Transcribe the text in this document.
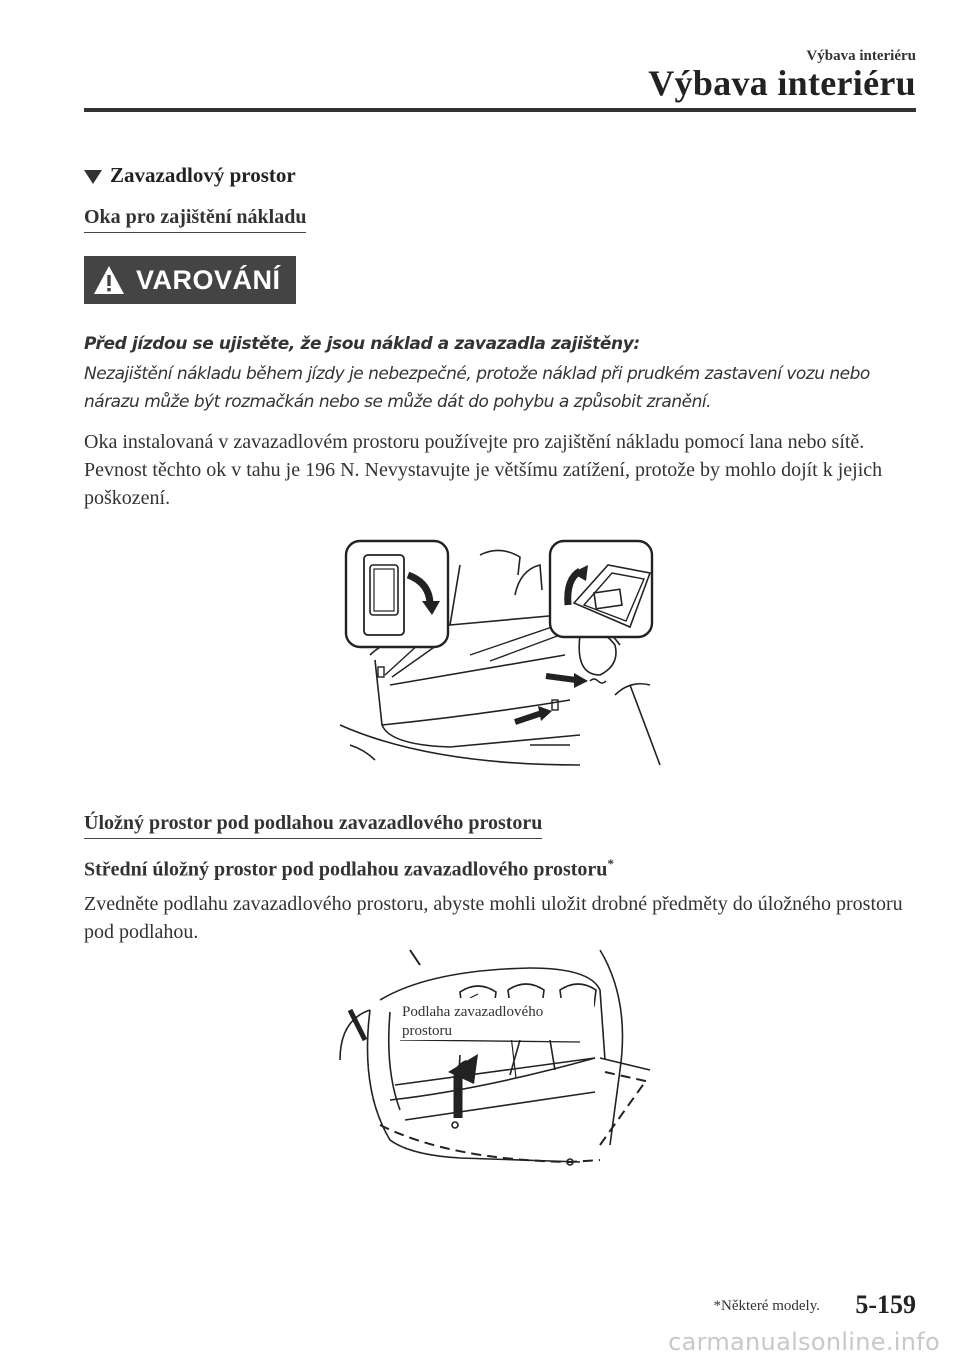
Výbava interiéru
Výbava interiéru
Zavazadlový prostor
Oka pro zajištění nákladu
VAROVÁNÍ
Před jízdou se ujistěte, že jsou náklad a zavazadla zajištěny:
Nezajištění nákladu během jízdy je nebezpečné, protože náklad při prudkém zastavení vozu nebo nárazu může být rozmačkán nebo se může dát do pohybu a způsobit zranění.
Oka instalovaná v zavazadlovém prostoru používejte pro zajištění nákladu pomocí lana nebo sítě. Pevnost těchto ok v tahu je 196 N. Nevystavujte je většímu zatížení, protože by mohlo dojít k jejich poškození.
Úložný prostor pod podlahou zavazadlového prostoru
Střední úložný prostor pod podlahou zavazadlového prostoru*
Zvedněte podlahu zavazadlového prostoru, abyste mohli uložit drobné předměty do úložného prostoru pod podlahou.
Podlaha zavazadlového
prostoru
*Některé modely. 5-159
carmanualsonline.info
